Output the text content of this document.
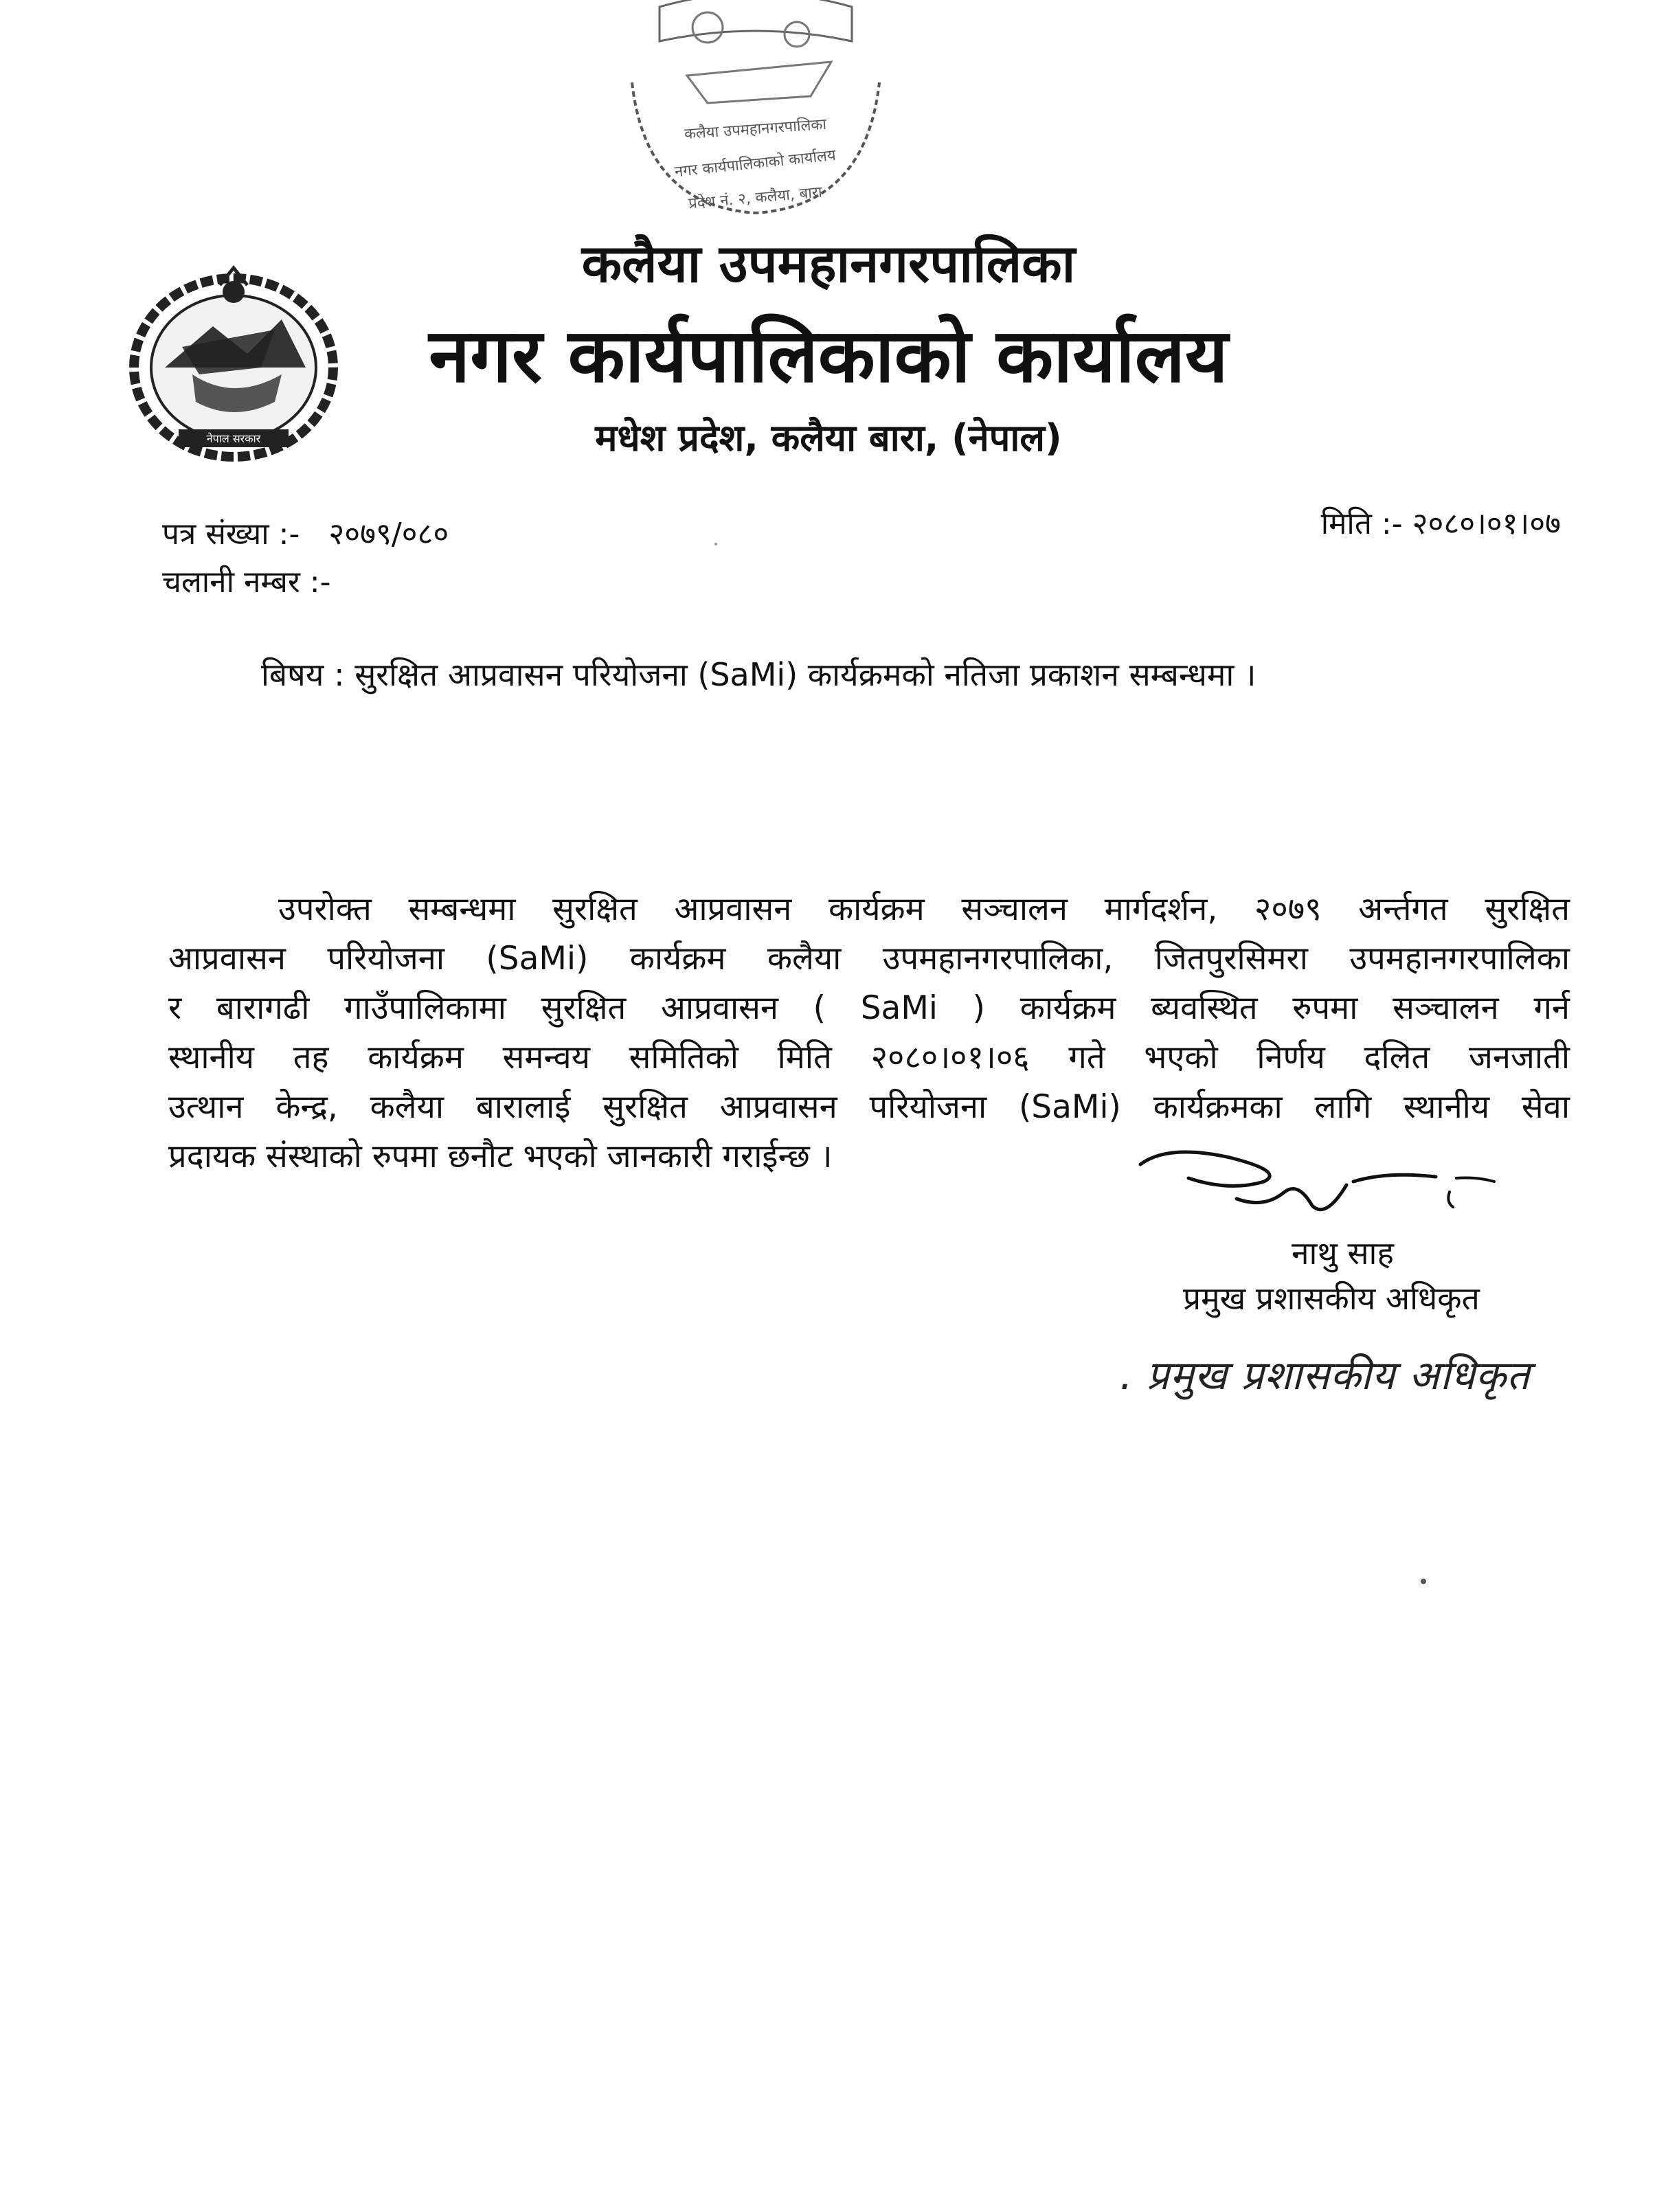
कलैया उपमहानगरपालिका
नगर कार्यपालिकाको कार्यालय
प्रदेश नं. २, कलैया, बारा
नेपाल सरकार
कलैया उपमहानगरपालिका
नगर कार्यपालिकाको कार्यालय
मधेश प्रदेश, कलैया बारा, (नेपाल)
पत्र संख्या :- २०७९/०८०
चलानी नम्बर :-
मिति :- २०८०।०१।०७
बिषय : सुरक्षित आप्रवासन परियोजना (SaMi) कार्यक्रमको नतिजा प्रकाशन सम्बन्धमा ।
उपरोक्त सम्बन्धमा सुरक्षित आप्रवासन कार्यक्रम सञ्चालन मार्गदर्शन, २०७९ अर्न्तगत सुरक्षित
आप्रवासन परियोजना (SaMi) कार्यक्रम कलैया उपमहानगरपालिका, जितपुरसिमरा उपमहानगरपालिका
र बारागढी गाउँपालिकामा सुरक्षित आप्रवासन ( SaMi ) कार्यक्रम ब्यवस्थित रुपमा सञ्चालन गर्न
स्थानीय तह कार्यक्रम समन्वय समितिको मिति २०८०।०१।०६ गते भएको निर्णय दलित जनजाती
उत्थान केन्द्र, कलैया बारालाई सुरक्षित आप्रवासन परियोजना (SaMi) कार्यक्रमका लागि स्थानीय सेवा
प्रदायक संस्थाको रुपमा छनौट भएको जानकारी गराईन्छ ।
नाथु साह
प्रमुख प्रशासकीय अधिकृत
. प्रमुख प्रशासकीय अधिकृत
